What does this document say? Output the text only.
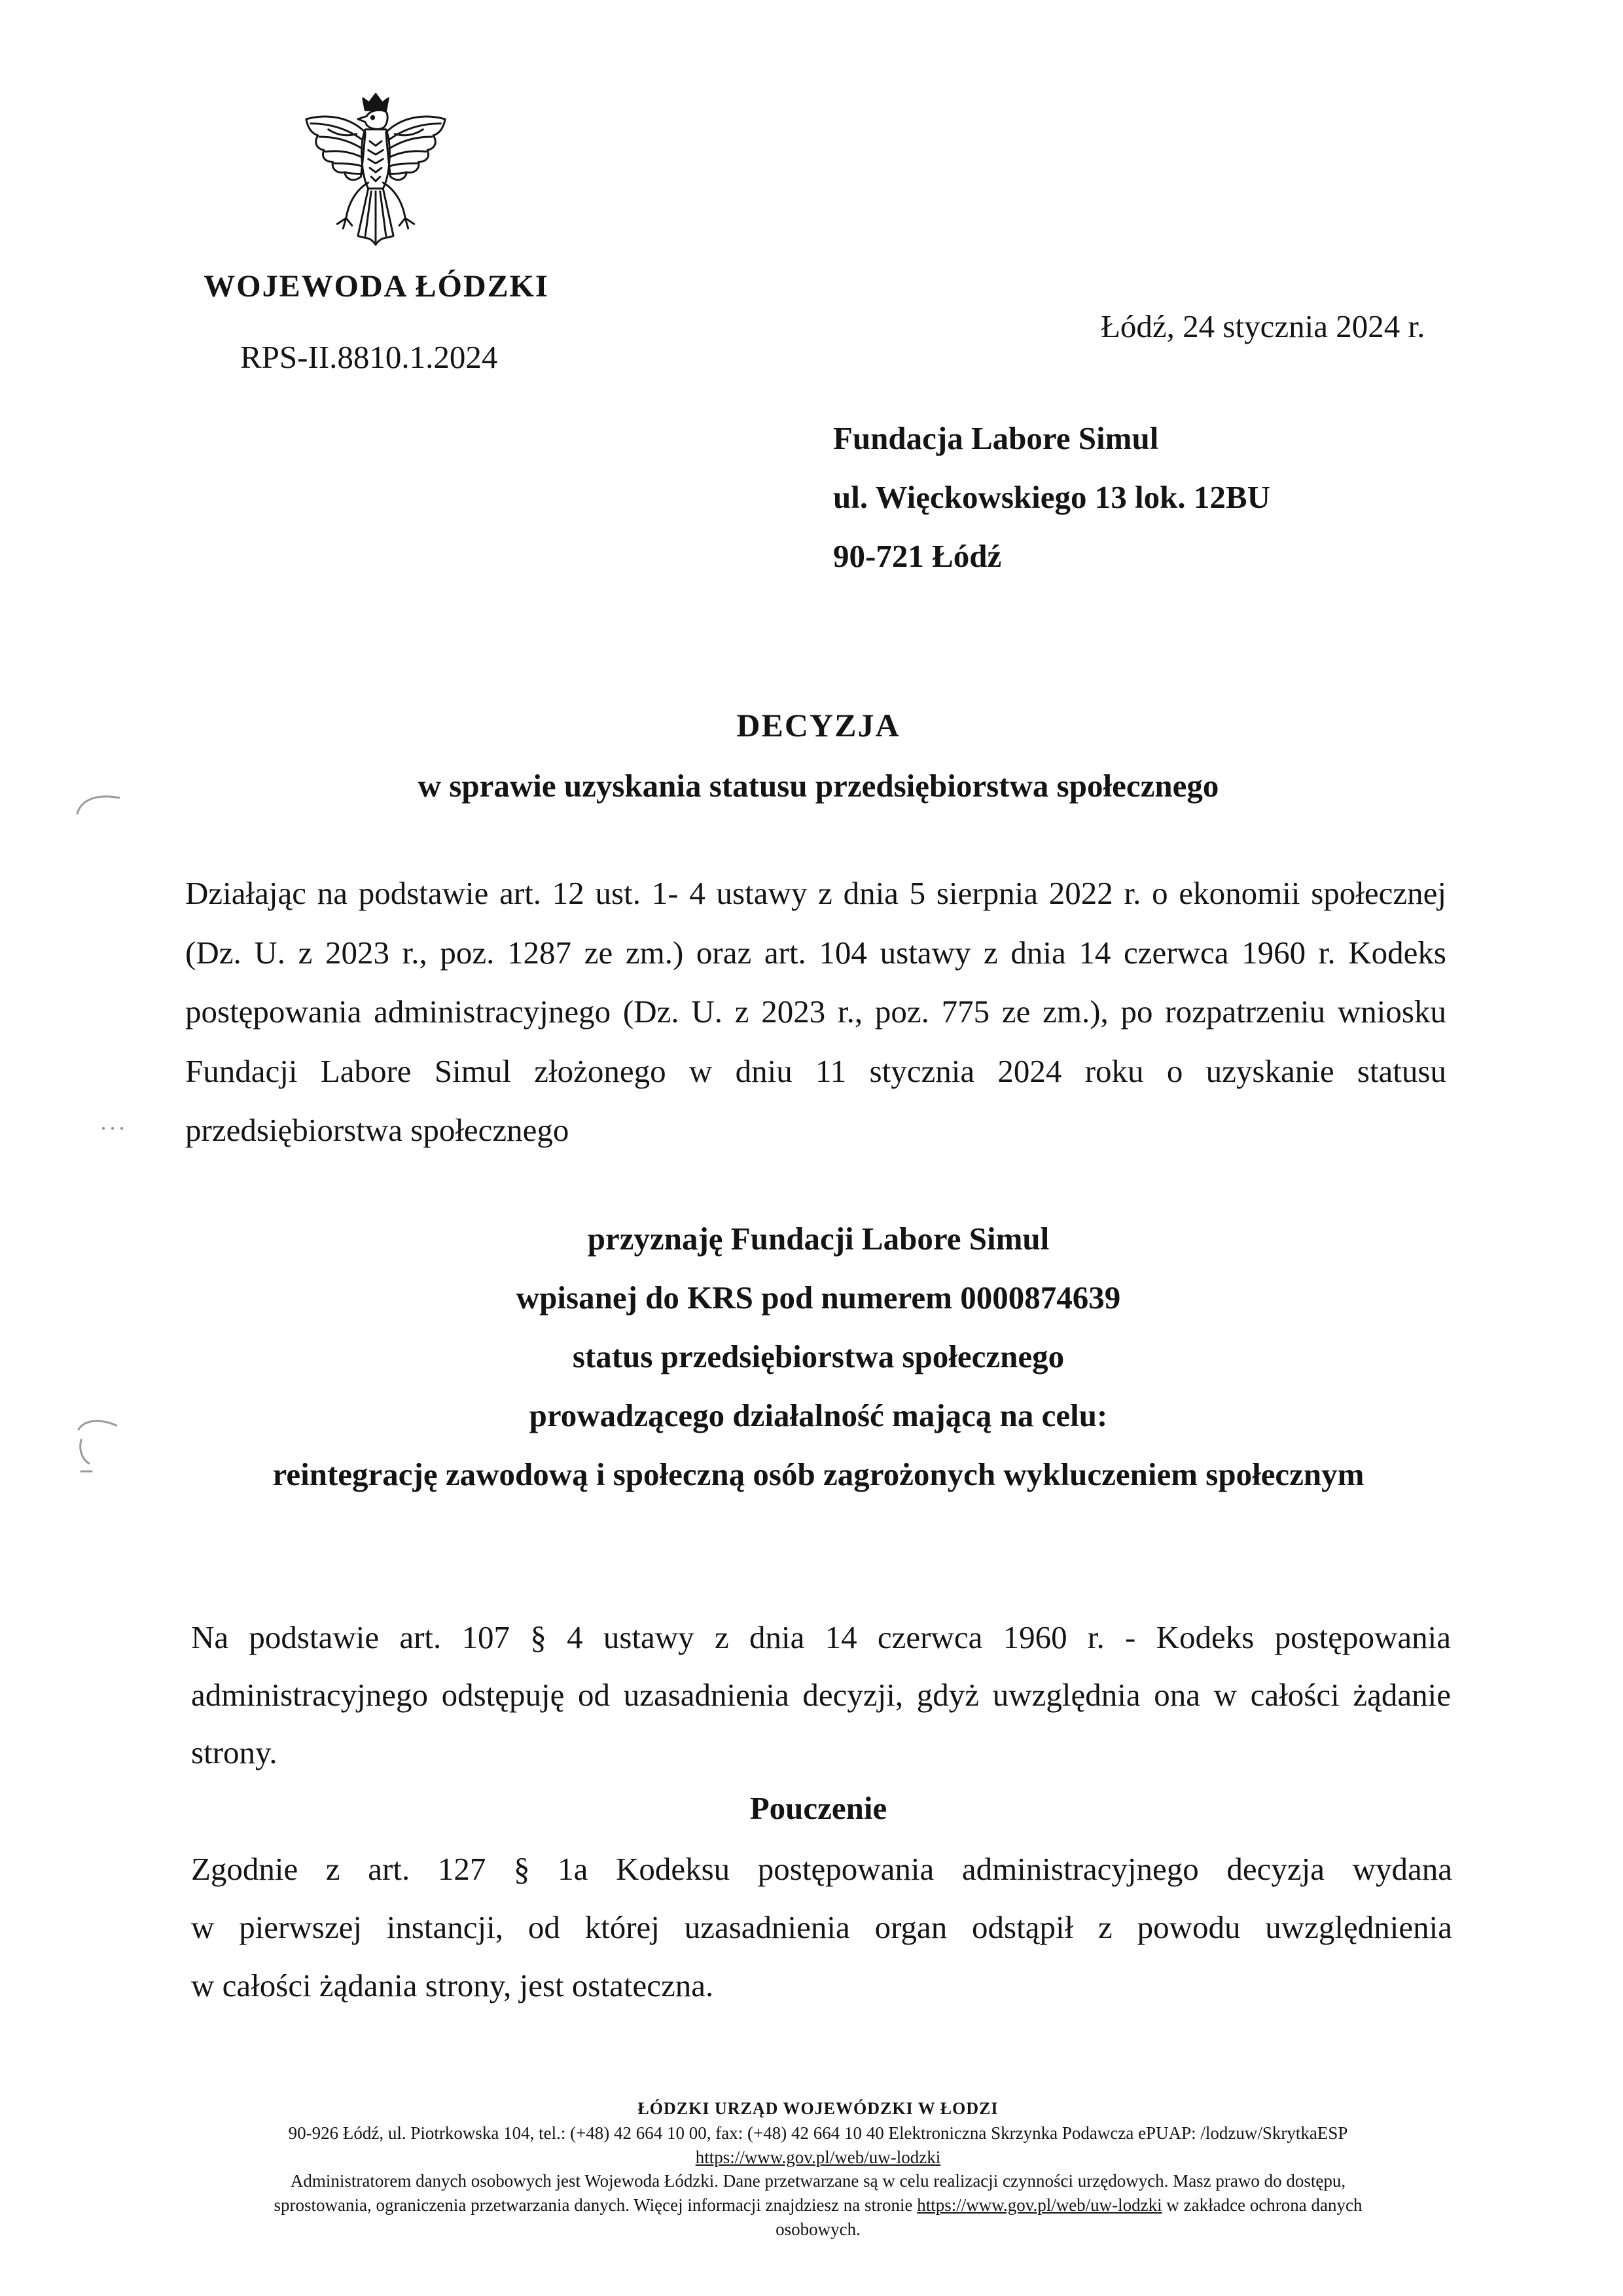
WOJEWODA ŁÓDZKI
RPS-II.8810.1.2024
Łódź, 24 stycznia 2024 r.
Fundacja Labore Simul
ul. Więckowskiego 13 lok. 12BU
90-721 Łódź
DECYZJA
w sprawie uzyskania statusu przedsiębiorstwa społecznego
Działając na podstawie art. 12 ust. 1- 4 ustawy z dnia 5 sierpnia 2022 r. o ekonomii społecznej
(Dz. U. z 2023 r., poz. 1287 ze zm.) oraz art. 104 ustawy z dnia 14 czerwca 1960 r. Kodeks
postępowania administracyjnego (Dz. U. z 2023 r., poz. 775 ze zm.), po rozpatrzeniu wniosku
Fundacji Labore Simul złożonego w dniu 11 stycznia 2024 roku o uzyskanie statusu
przedsiębiorstwa społecznego
przyznaję Fundacji Labore Simul
wpisanej do KRS pod numerem 0000874639
status przedsiębiorstwa społecznego
prowadzącego działalność mającą na celu:
reintegrację zawodową i społeczną osób zagrożonych wykluczeniem społecznym
Na podstawie art. 107 § 4 ustawy z dnia 14 czerwca 1960 r. - Kodeks postępowania
administracyjnego odstępuję od uzasadnienia decyzji, gdyż uwzględnia ona w całości żądanie
strony.
Pouczenie
Zgodnie z art. 127 § 1a Kodeksu postępowania administracyjnego decyzja wydana
w pierwszej instancji, od której uzasadnienia organ odstąpił z powodu uwzględnienia
w całości żądania strony, jest ostateczna.
ŁÓDZKI URZĄD WOJEWÓDZKI W ŁODZI
90-926 Łódź, ul. Piotrkowska 104, tel.: (+48) 42 664 10 00, fax: (+48) 42 664 10 40 Elektroniczna Skrzynka Podawcza ePUAP: /lodzuw/SkrytkaESP
https://www.gov.pl/web/uw-lodzki
Administratorem danych osobowych jest Wojewoda Łódzki. Dane przetwarzane są w celu realizacji czynności urzędowych. Masz prawo do dostępu,
sprostowania, ograniczenia przetwarzania danych. Więcej informacji znajdziesz na stronie https://www.gov.pl/web/uw-lodzki w zakładce ochrona danych
osobowych.
